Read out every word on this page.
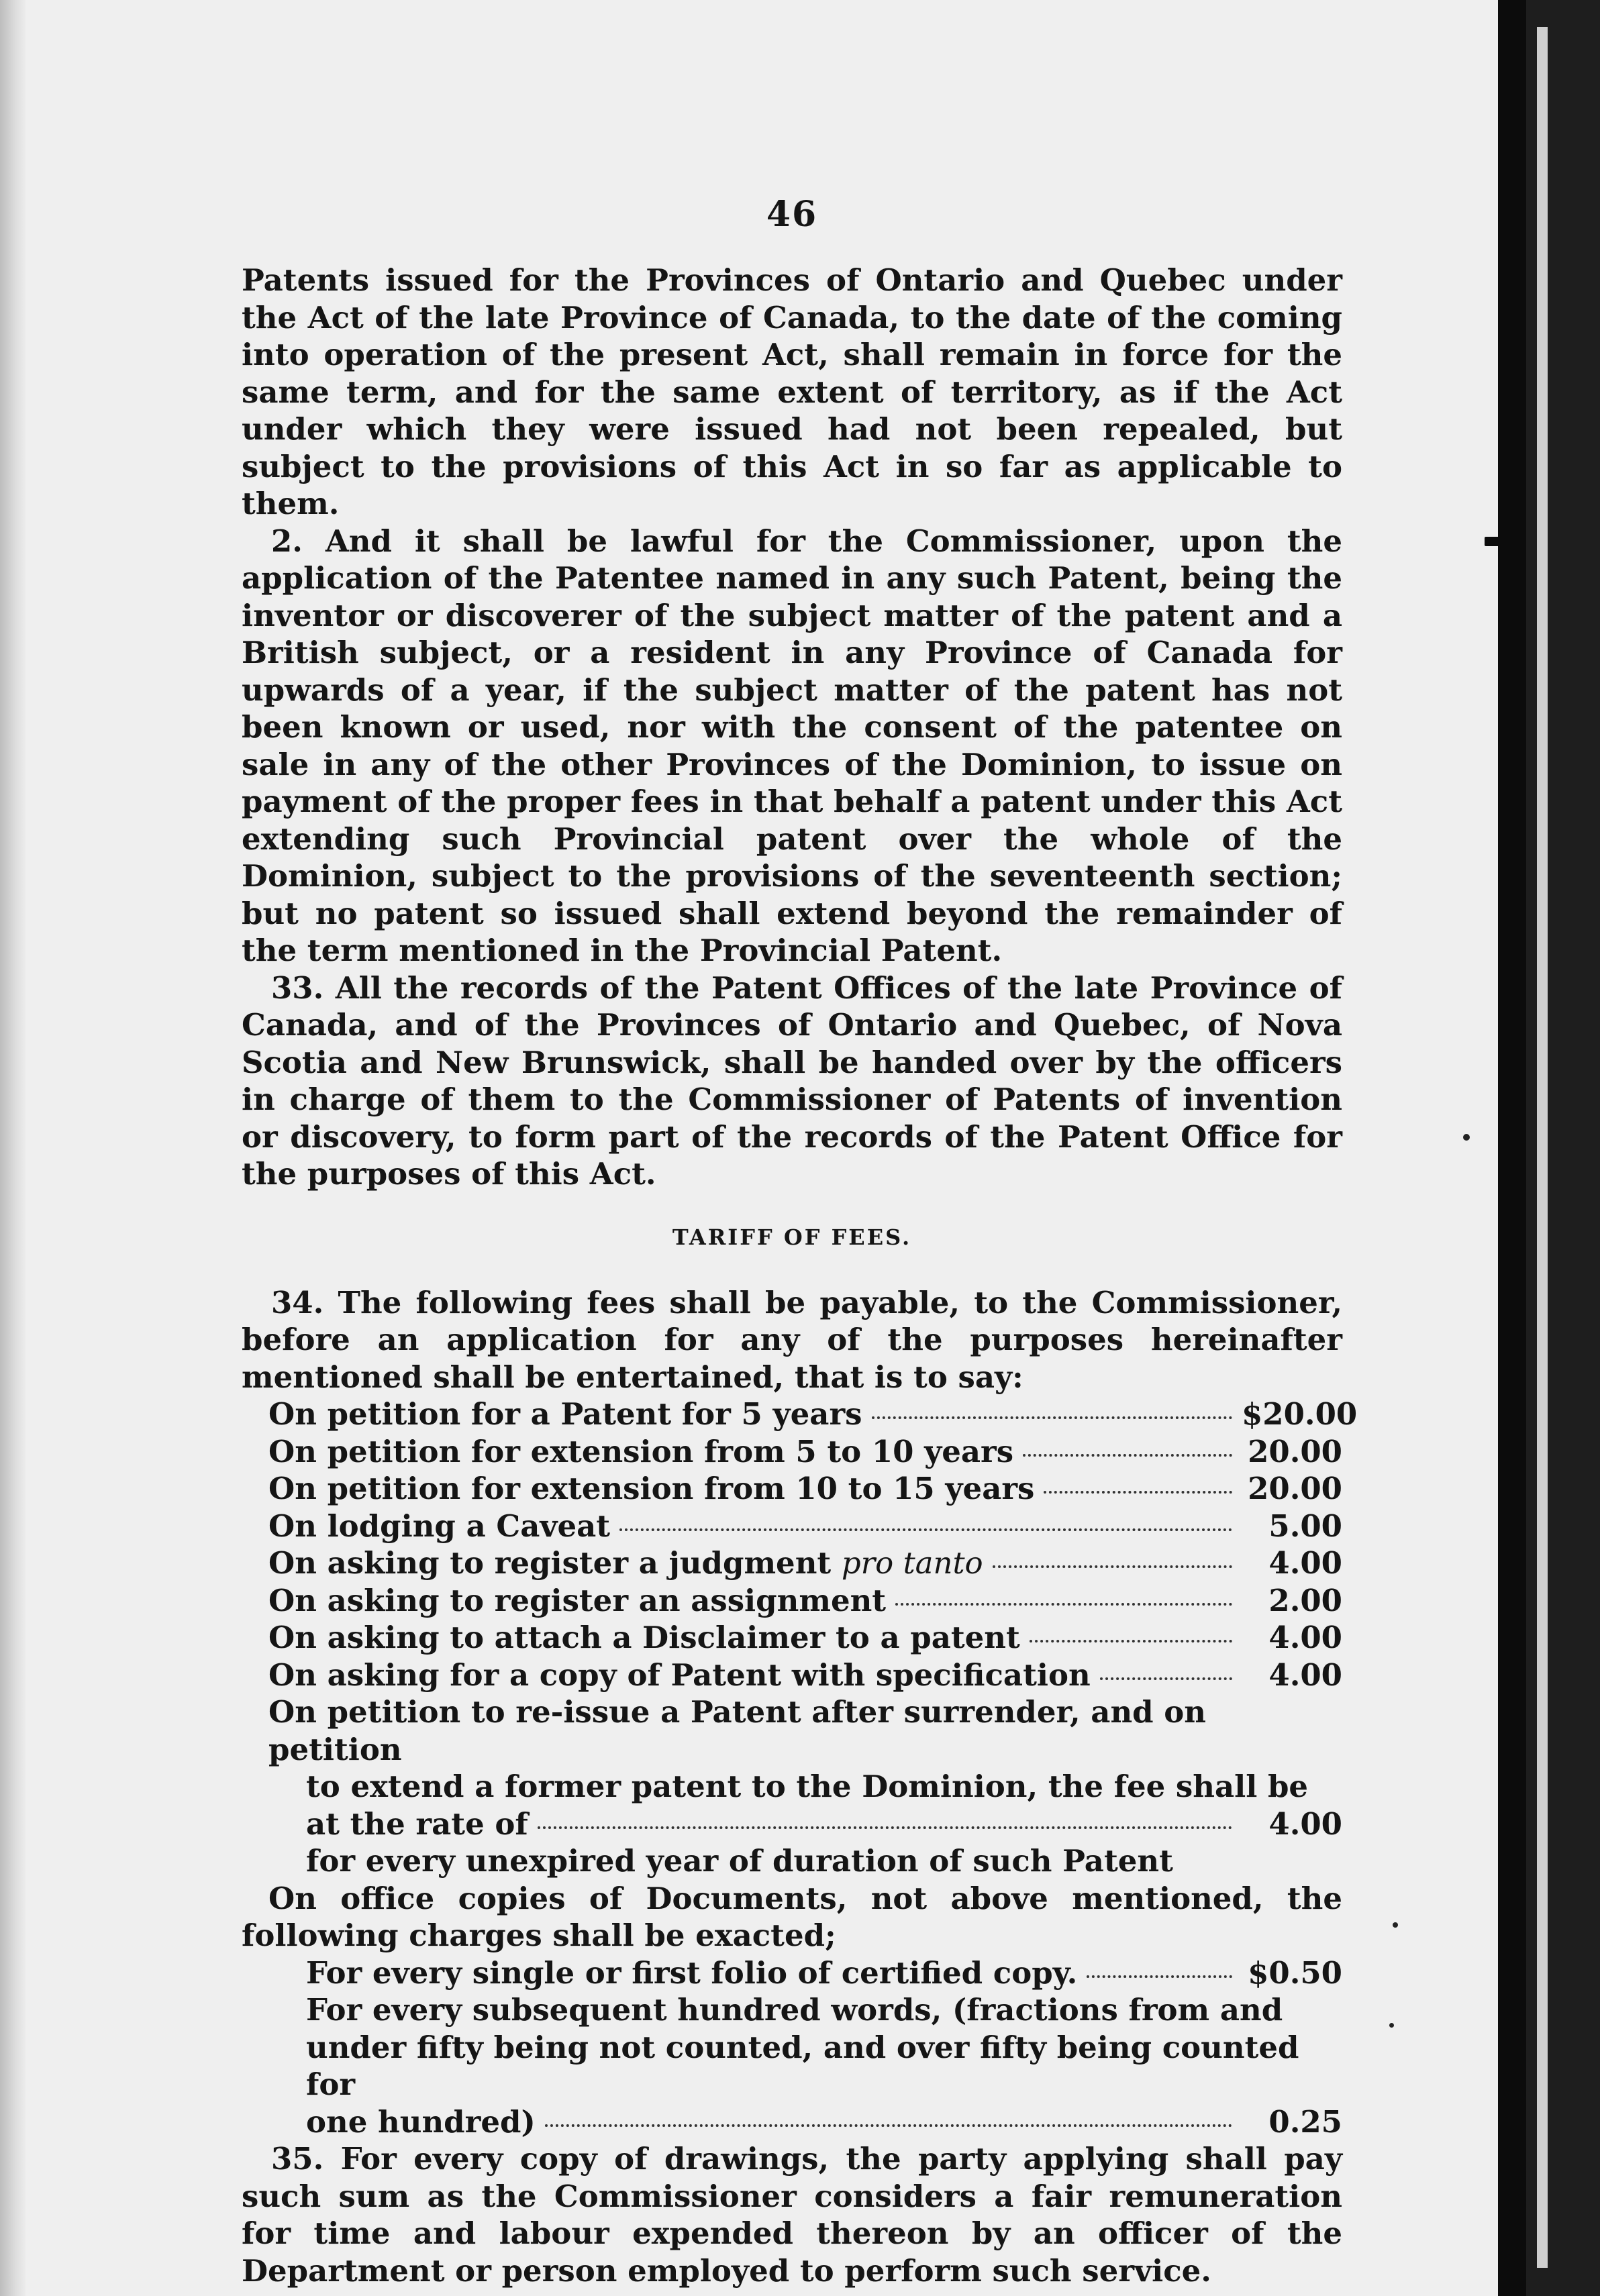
46

Patents issued for the Provinces of Ontario and Quebec under the Act of the late Province of Canada, to the date of the coming into operation of the present Act, shall remain in force for the same term, and for the same extent of territory, as if the Act under which they were issued had not been repealed, but subject to the provisions of this Act in so far as applicable to them.

2. And it shall be lawful for the Commissioner, upon the application of the Patentee named in any such Patent, being the inventor or discoverer of the subject matter of the patent and a British subject, or a resident in any Province of Canada for upwards of a year, if the subject matter of the patent has not been known or used, nor with the consent of the patentee on sale in any of the other Provinces of the Dominion, to issue on payment of the proper fees in that behalf a patent under this Act extending such Provincial patent over the whole of the Dominion, subject to the provisions of the seventeenth section; but no patent so issued shall extend beyond the remainder of the term mentioned in the Provincial Patent.

33. All the records of the Patent Offices of the late Province of Canada, and of the Provinces of Ontario and Quebec, of Nova Scotia and New Brunswick, shall be handed over by the officers in charge of them to the Commissioner of Patents of invention or discovery, to form part of the records of the Patent Office for the purposes of this Act.

TARIFF OF FEES.

34. The following fees shall be payable, to the Commissioner, before an application for any of the purposes hereinafter mentioned shall be entertained, that is to say:

On petition for a Patent for 5 years	$20.00
On petition for extension from 5 to 10 years	20.00
On petition for extension from 10 to 15 years	20.00
On lodging a Caveat	5.00
On asking to register a judgment pro tanto	4.00
On asking to register an assignment	2.00
On asking to attach a Disclaimer to a patent	4.00
On asking for a copy of Patent with specification	4.00
On petition to re-issue a Patent after surrender, and on petition
to extend a former patent to the Dominion, the fee shall be
at the rate of	4.00
for every unexpired year of duration of such Patent

On office copies of Documents, not above mentioned, the following charges shall be exacted;

For every single or first folio of certified copy.	$0.50
For every subsequent hundred words, (fractions from and
under fifty being not counted, and over fifty being counted for
one hundred)	0.25

35. For every copy of drawings, the party applying shall pay such sum as the Commissioner considers a fair remuneration for time and labour expended thereon by an officer of the Department or person employed to perform such service.
